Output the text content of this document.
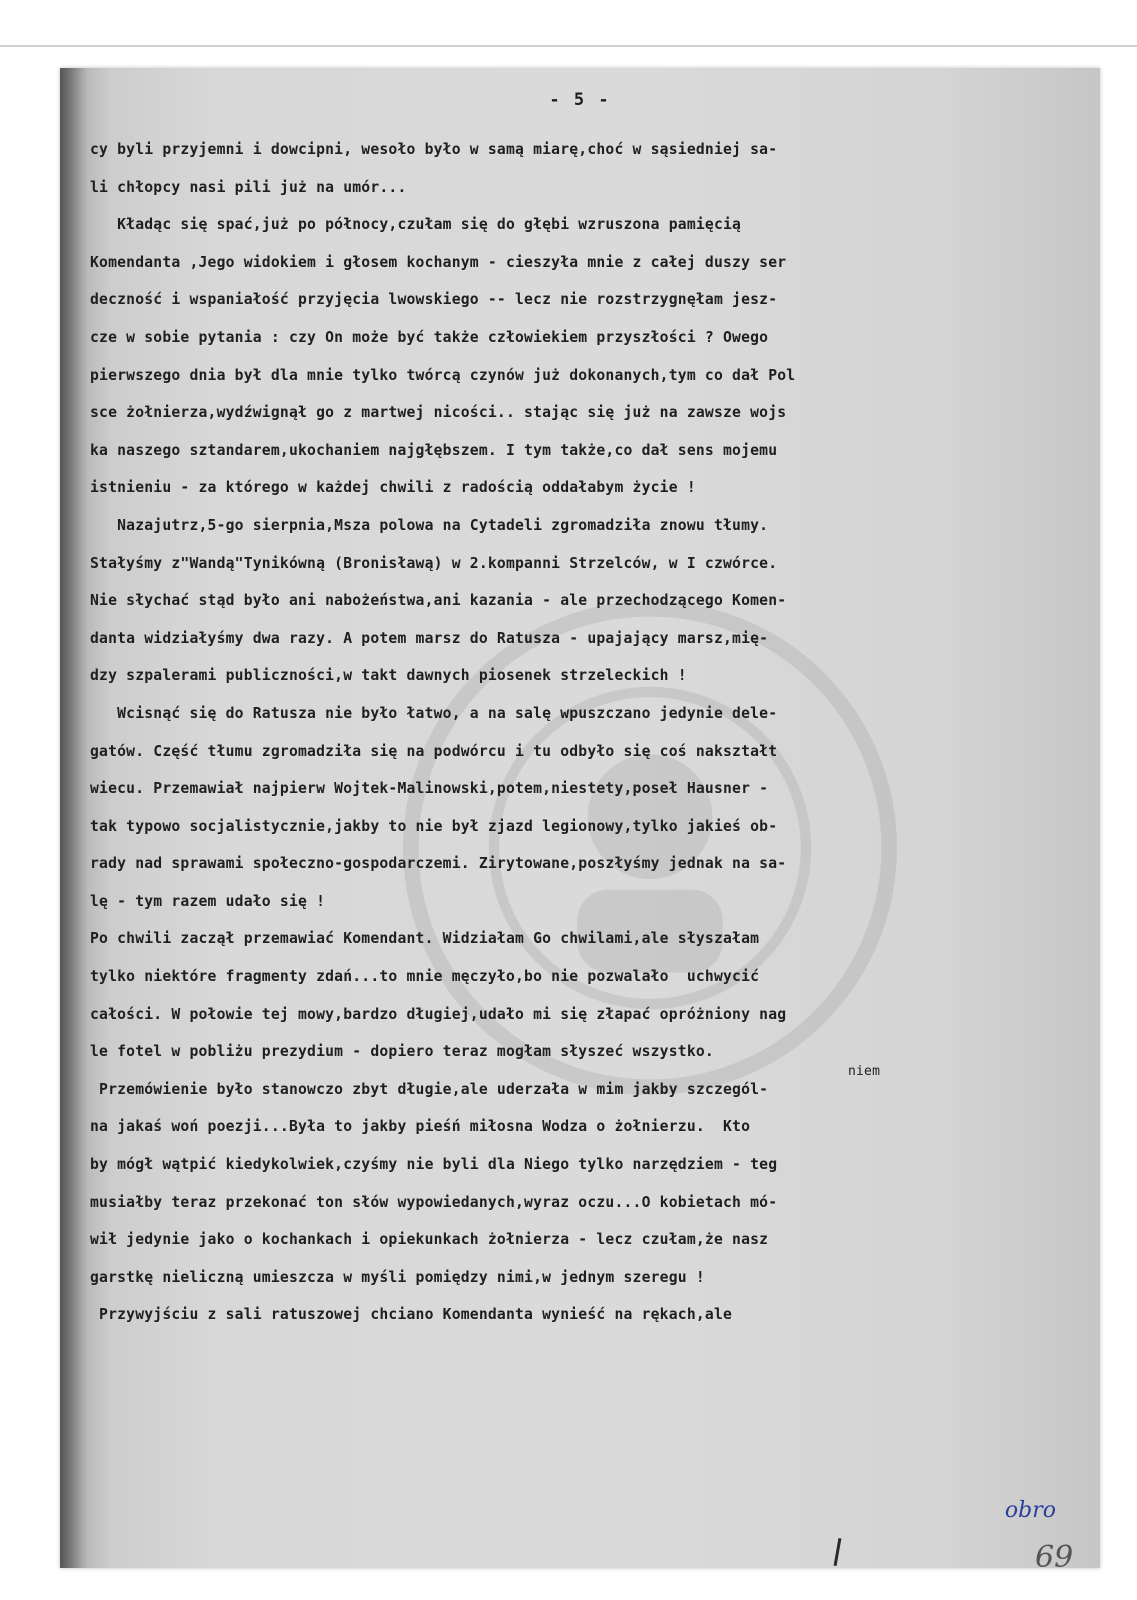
- 5 -
cy byli przyjemni i dowcipni, wesoło było w samą miarę,choć w sąsiedniej sa-
li chłopcy nasi pili już na umór...
Kładąc się spać,już po północy,czułam się do głębi wzruszona pamięcią
Komendanta ,Jego widokiem i głosem kochanym - cieszyła mnie z całej duszy ser
deczność i wspaniałość przyjęcia lwowskiego -- lecz nie rozstrzygnęłam jesz-
cze w sobie pytania : czy On może być także człowiekiem przyszłości ? Owego
pierwszego dnia był dla mnie tylko twórcą czynów już dokonanych,tym co dał Pol
sce żołnierza,wydźwignął go z martwej nicości.. stając się już na zawsze wojs
ka naszego sztandarem,ukochaniem najgłębszem. I tym także,co dał sens mojemu
istnieniu - za którego w każdej chwili z radością oddałabym życie !
Nazajutrz,5-go sierpnia,Msza polowa na Cytadeli zgromadziła znowu tłumy.
Stałyśmy z"Wandą"Tynikówną (Bronisławą) w 2.kompanni Strzelców, w I czwórce.
Nie słychać stąd było ani nabożeństwa,ani kazania - ale przechodzącego Komen-
danta widziałyśmy dwa razy. A potem marsz do Ratusza - upajający marsz,mię-
dzy szpalerami publiczności,w takt dawnych piosenek strzeleckich !
Wcisnąć się do Ratusza nie było łatwo, a na salę wpuszczano jedynie dele-
gatów. Część tłumu zgromadziła się na podwórcu i tu odbyło się coś nakształt
wiecu. Przemawiał najpierw Wojtek-Malinowski,potem,niestety,poseł Hausner -
tak typowo socjalistycznie,jakby to nie był zjazd legionowy,tylko jakieś ob-
rady nad sprawami społeczno-gospodarczemi. Zirytowane,poszłyśmy jednak na sa-
lę - tym razem udało się !
Po chwili zaczął przemawiać Komendant. Widziałam Go chwilami,ale słyszałam
tylko niektóre fragmenty zdań...to mnie męczyło,bo nie pozwalało  uchwycić
całości. W połowie tej mowy,bardzo długiej,udało mi się złapać opróżniony nag
le fotel w pobliżu prezydium - dopiero teraz mogłam słyszeć wszystko.
niem
Przemówienie było stanowczo zbyt długie,ale uderzała w mim jakby szczegól-
na jakaś woń poezji...Była to jakby pieśń miłosna Wodza o żołnierzu.  Kto
by mógł wątpić kiedykolwiek,czyśmy nie byli dla Niego tylko narzędziem - teg
musiałby teraz przekonać ton słów wypowiedanych,wyraz oczu...O kobietach mó-
wił jedynie jako o kochankach i opiekunkach żołnierza - lecz czułam,że nasz
garstkę nieliczną umieszcza w myśli pomiędzy nimi,w jednym szeregu !
Przywyjściu z sali ratuszowej chciano Komendanta wynieść na rękach,ale
obro
69
